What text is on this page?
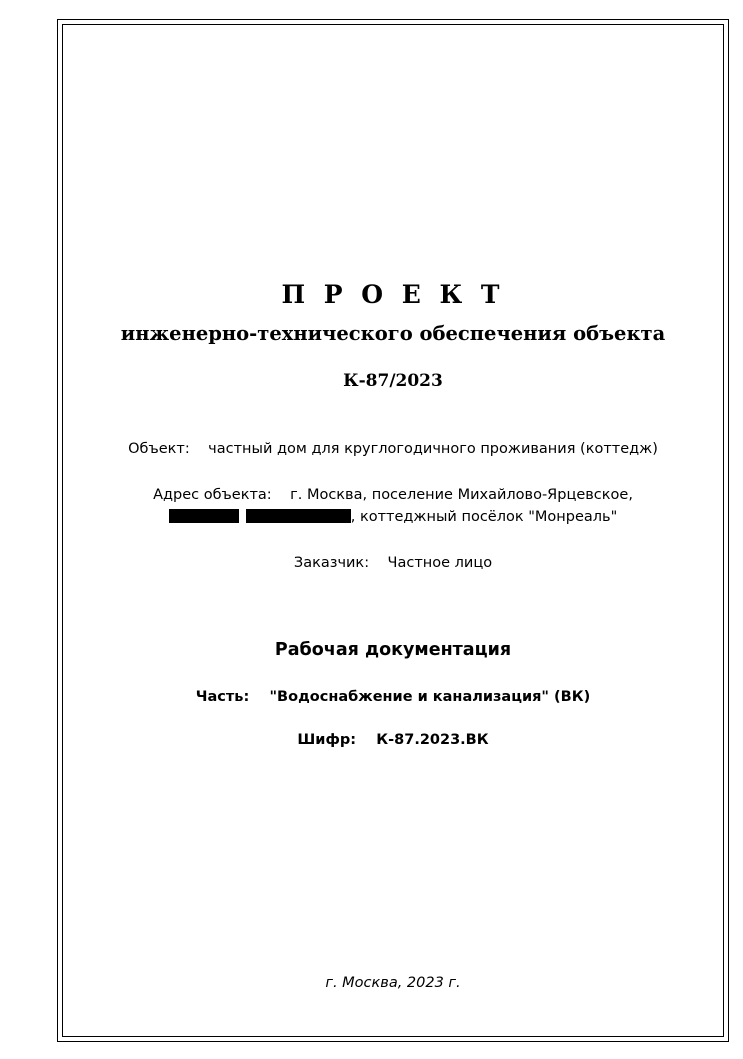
П Р О Е К Т

инженерно-технического обеспечения объекта

К-87/2023

Объект: частный дом для круглогодичного проживания (коттедж)
Адрес объекта: г. Москва, поселение Михайлово-Ярцевское,
, коттеджный посёлок "Монреаль"
Заказчик: Частное лицо

Рабочая документация

Часть: "Водоснабжение и канализация" (ВК)

Шифр: К-87.2023.ВК

г. Москва, 2023 г.
